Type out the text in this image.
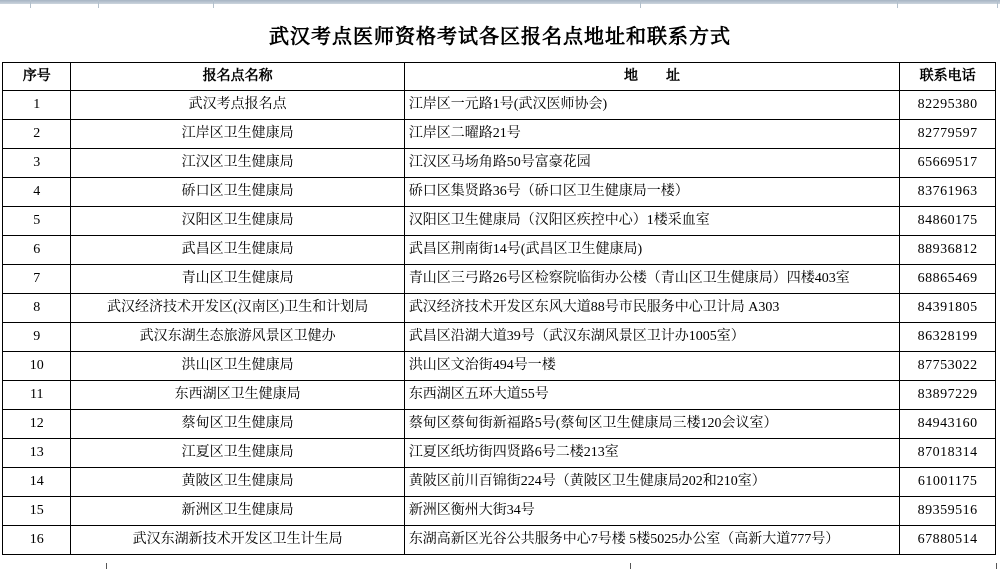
武汉考点医师资格考试各区报名点地址和联系方式
序号	报名点名称	地　　址	联系电话
1	武汉考点报名点	江岸区一元路1号(武汉医师协会)	82295380
2	江岸区卫生健康局	江岸区二曜路21号	82779597
3	江汉区卫生健康局	江汉区马场角路50号富豪花园	65669517
4	硚口区卫生健康局	硚口区集贤路36号（硚口区卫生健康局一楼）	83761963
5	汉阳区卫生健康局	汉阳区卫生健康局（汉阳区疾控中心）1楼采血室	84860175
6	武昌区卫生健康局	武昌区荆南街14号(武昌区卫生健康局)	88936812
7	青山区卫生健康局	青山区三弓路26号区检察院临街办公楼（青山区卫生健康局）四楼403室	68865469
8	武汉经济技术开发区(汉南区)卫生和计划局	武汉经济技术开发区东风大道88号市民服务中心卫计局 A303	84391805
9	武汉东湖生态旅游风景区卫健办	武昌区沿湖大道39号（武汉东湖风景区卫计办1005室）	86328199
10	洪山区卫生健康局	洪山区文治街494号一楼	87753022
11	东西湖区卫生健康局	东西湖区五环大道55号	83897229
12	蔡甸区卫生健康局	蔡甸区蔡甸街新福路5号(蔡甸区卫生健康局三楼120会议室）	84943160
13	江夏区卫生健康局	江夏区纸坊街四贤路6号二楼213室	87018314
14	黄陂区卫生健康局	黄陂区前川百锦街224号（黄陂区卫生健康局202和210室）	61001175
15	新洲区卫生健康局	新洲区衡州大街34号	89359516
16	武汉东湖新技术开发区卫生计生局	东湖高新区光谷公共服务中心7号楼 5楼5025办公室（高新大道777号）	67880514
